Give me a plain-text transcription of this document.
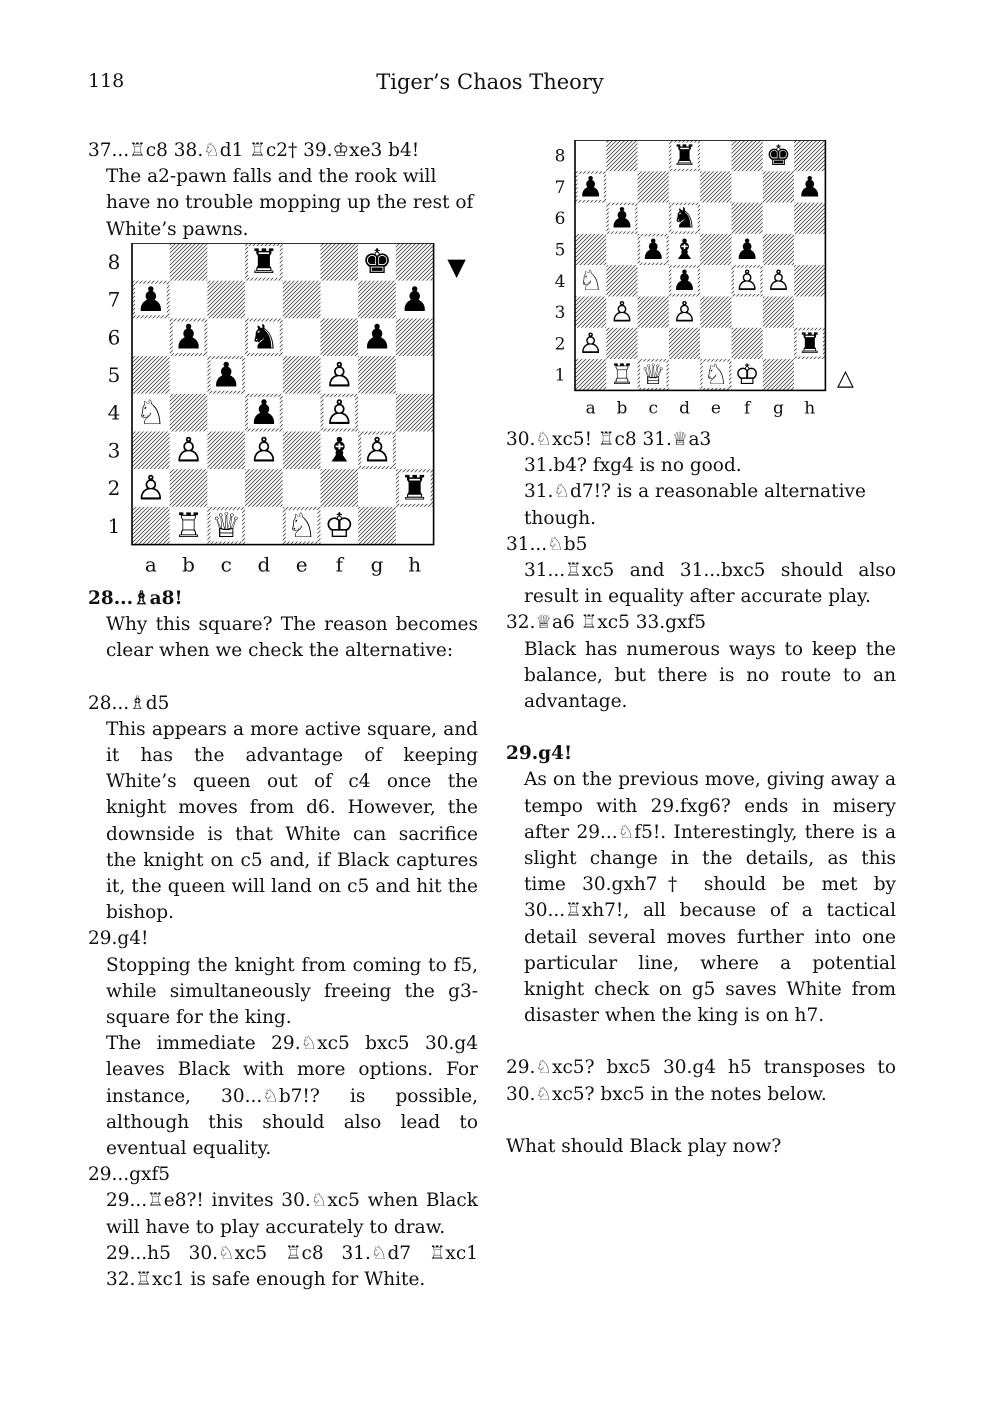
118	Tiger’s Chaos Theory

37...♖c8 38.♘d1 ♖c2† 39.♔xe3 b4!

The a2-pawn falls and the rook will have no trouble mopping up the rest of White’s pawns.

28...♗a8!

Why this square? The reason becomes clear when we check the alternative:

28...♗d5

This appears a more active square, and it has the advantage of keeping White’s queen out of c4 once the knight moves from d6. However, the downside is that White can sacrifice the knight on c5 and, if Black captures it, the queen will land on c5 and hit the bishop.

29.g4!

Stopping the knight from coming to f5, while simultaneously freeing the g3-square for the king.

The immediate 29.♘xc5 bxc5 30.g4 leaves Black with more options. For instance, 30...♘b7!? is possible, although this should also lead to eventual equality.

29...gxf5

29...♖e8?! invites 30.♘xc5 when Black will have to play accurately to draw.

29...h5 30.♘xc5 ♖c8 31.♘d7 ♖xc1 32.♖xc1 is safe enough for White.

30.♘xc5! ♖c8 31.♕a3

31.b4? fxg4 is no good.

31.♘d7!? is a reasonable alternative though.

31...♘b5

31...♖xc5 and 31...bxc5 should also result in equality after accurate play.

32.♕a6 ♖xc5 33.gxf5

Black has numerous ways to keep the balance, but there is no route to an advantage.

29.g4!

As on the previous move, giving away a tempo with 29.fxg6? ends in misery after 29...♘f5!. Interestingly, there is a slight change in the details, as this time 30.gxh7† should be met by 30...♖xh7!, all because of a tactical detail several moves further into one particular line, where a potential knight check on g5 saves White from disaster when the king is on h7.

29.♘xc5? bxc5 30.g4 h5 transposes to 30.♘xc5? bxc5 in the notes below.

What should Black play now?

8
7
6
5
4
3
2
1
a b c d e f g h
♜ ♚
♟	♟
♟ ♞ ♟
♟ ♙
♘ ♟ ♙
♙ ♙ ♝ ♙
♙	♜
♖ ♕ ♘ ♔
▼
8
7
6
5
4
3
2
1
a b c d e f g h
♜ ♚
♟	♟
♟ ♞
♟ ♝ ♟
♘ ♟ ♙ ♙
♙ ♙
♙	♜
♖ ♕ ♘ ♔	△
